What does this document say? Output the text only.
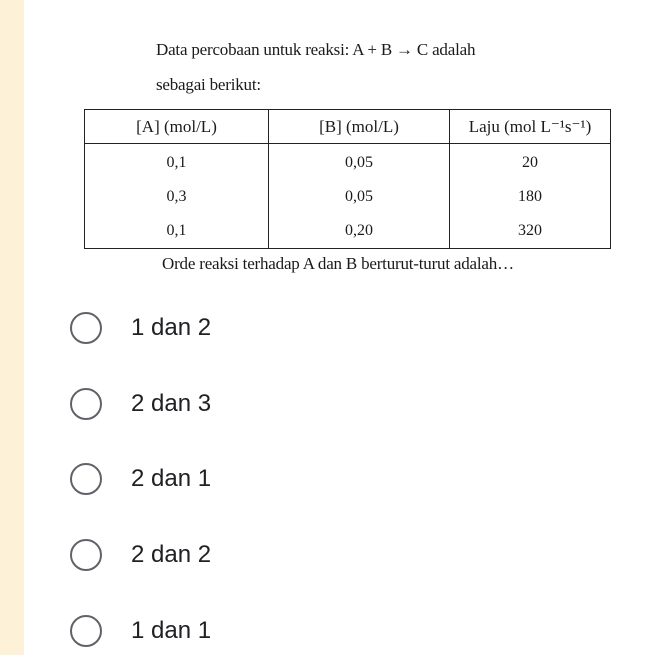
Data percobaan untuk reaksi: A + B → C adalah
sebagai berikut:
[A] (mol/L)	[B] (mol/L)	Laju (mol L⁻¹s⁻¹)
0,1	0,05	20
0,3	0,05	180
0,1	0,20	320
Orde reaksi terhadap A dan B berturut-turut adalah…
1 dan 2
2 dan 3
2 dan 1
2 dan 2
1 dan 1
